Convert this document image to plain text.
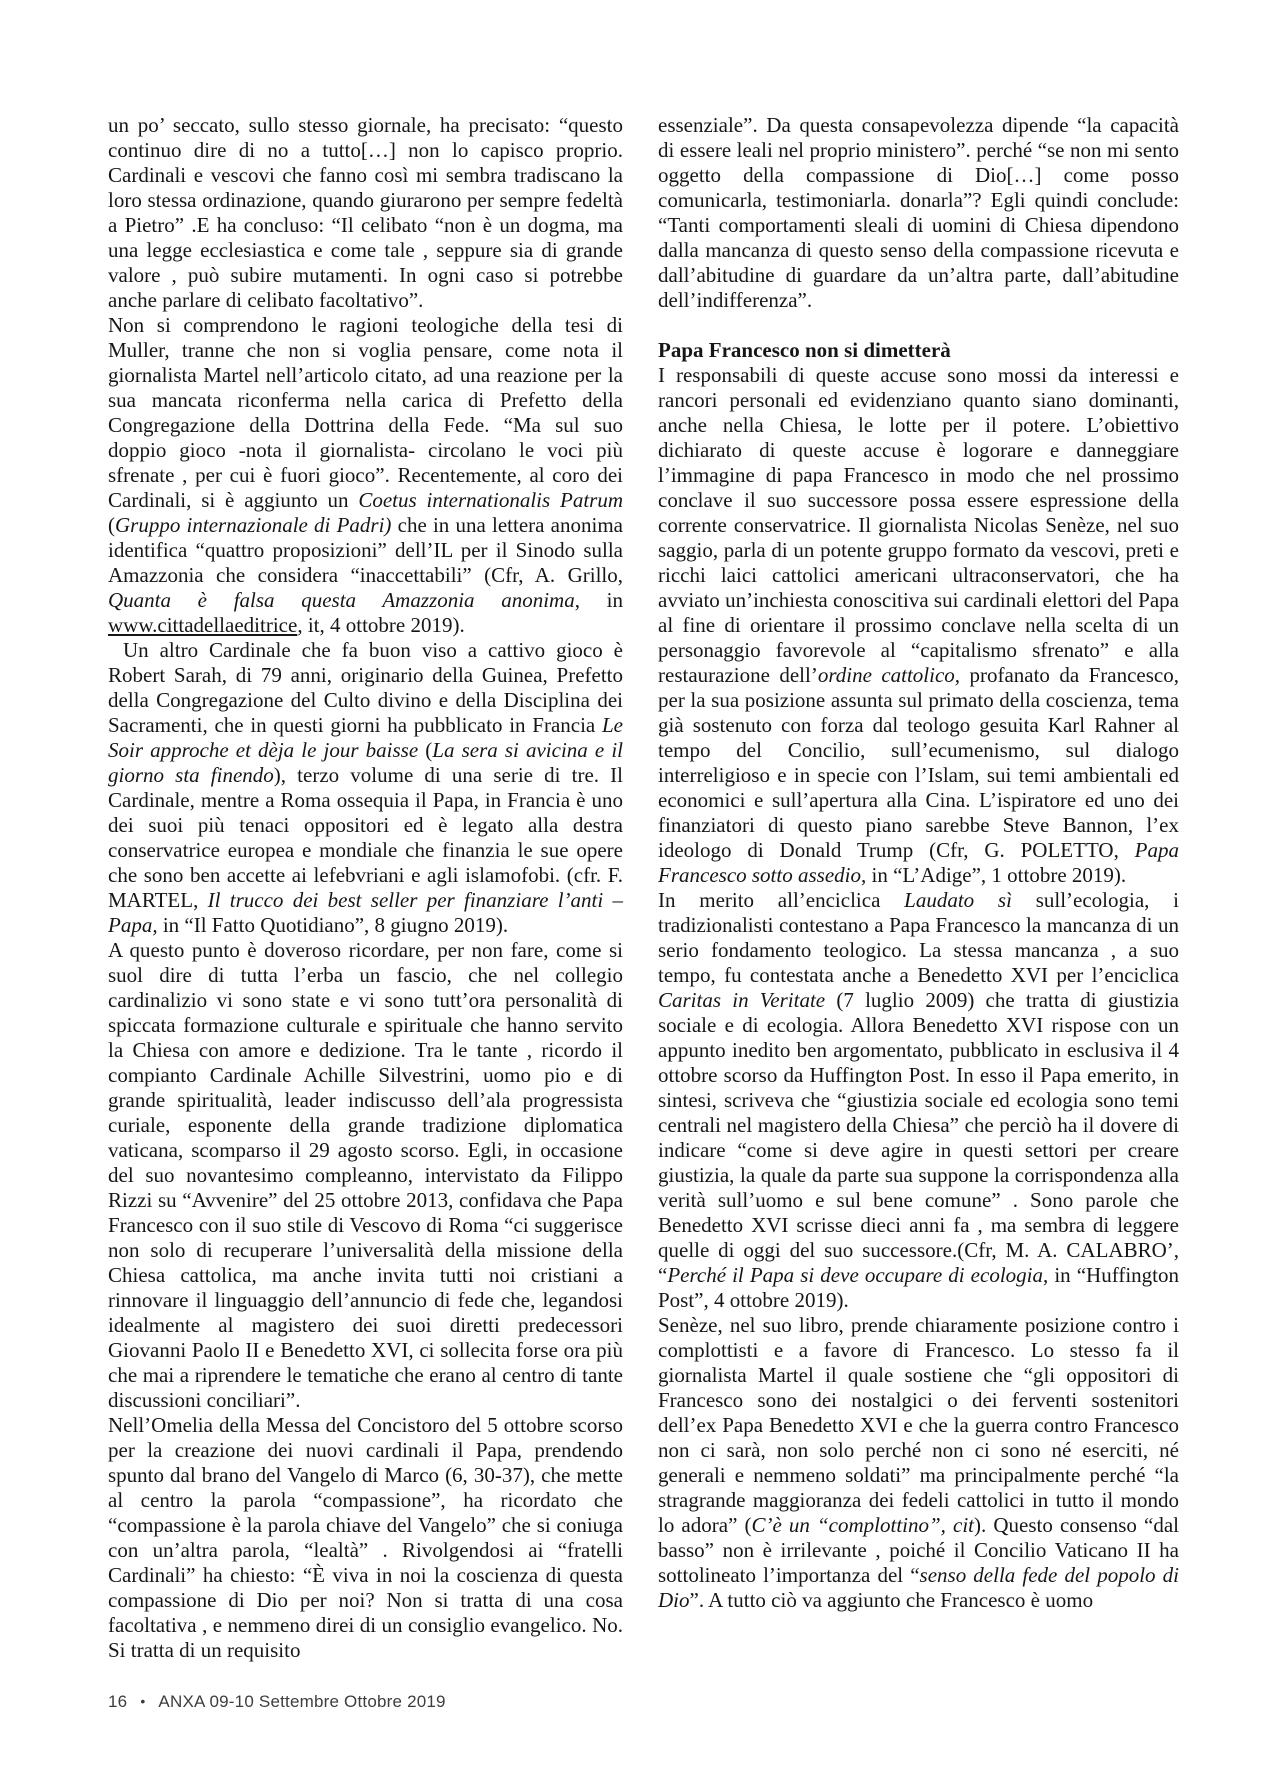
un po’ seccato, sullo stesso giornale, ha precisato: “questo continuo dire di no a tutto[…] non lo capisco proprio. Cardinali e vescovi che fanno così mi sembra tradiscano la loro stessa ordinazione, quando giurarono per sempre fedeltà a Pietro” .E ha concluso: “Il celibato “non è un dogma, ma una legge ecclesiastica e come tale , seppure sia di grande valore , può subire mutamenti. In ogni caso si potrebbe anche parlare di celibato facoltativo”.

Non si comprendono le ragioni teologiche della tesi di Muller, tranne che non si voglia pensare, come nota il giornalista Martel nell’articolo citato, ad una reazione per la sua mancata riconferma nella carica di Prefetto della Congregazione della Dottrina della Fede. “Ma sul suo doppio gioco -nota il giornalista- circolano le voci più sfrenate , per cui è fuori gioco”. Recentemente, al coro dei Cardinali, si è aggiunto un Coetus internationalis Patrum (Gruppo internazionale di Padri) che in una lettera anonima identifica “quattro proposizioni” dell’IL per il Sinodo sulla Amazzonia che considera “inaccettabili” (Cfr, A. Grillo, Quanta è falsa questa Amazzonia anonima, in www.cittadellaeditrice, it, 4 ottobre 2019).

Un altro Cardinale che fa buon viso a cattivo gioco è Robert Sarah, di 79 anni, originario della Guinea, Prefetto della Congregazione del Culto divino e della Disciplina dei Sacramenti, che in questi giorni ha pubblicato in Francia Le Soir approche et dèja le jour baisse (La sera si avicina e il giorno sta finendo), terzo volume di una serie di tre. Il Cardinale, mentre a Roma ossequia il Papa, in Francia è uno dei suoi più tenaci oppositori ed è legato alla destra conservatrice europea e mondiale che finanzia le sue opere che sono ben accette ai lefebvriani e agli islamofobi. (cfr. F. MARTEL, Il trucco dei best seller per finanziare l’anti – Papa, in “Il Fatto Quotidiano”, 8 giugno 2019).

A questo punto è doveroso ricordare, per non fare, come si suol dire di tutta l’erba un fascio, che nel collegio cardinalizio vi sono state e vi sono tutt’ora personalità di spiccata formazione culturale e spirituale che hanno servito la Chiesa con amore e dedizione. Tra le tante , ricordo il compianto Cardinale Achille Silvestrini, uomo pio e di grande spiritualità, leader indiscusso dell’ala progressista curiale, esponente della grande tradizione diplomatica vaticana, scomparso il 29 agosto scorso. Egli, in occasione del suo novantesimo compleanno, intervistato da Filippo Rizzi su “Avvenire” del 25 ottobre 2013, confidava che Papa Francesco con il suo stile di Vescovo di Roma “ci suggerisce non solo di recuperare l’universalità della missione della Chiesa cattolica, ma anche invita tutti noi cristiani a rinnovare il linguaggio dell’annuncio di fede che, legandosi idealmente al magistero dei suoi diretti predecessori Giovanni Paolo II e Benedetto XVI, ci sollecita forse ora più che mai a riprendere le tematiche che erano al centro di tante discussioni conciliari”.

Nell’Omelia della Messa del Concistoro del 5 ottobre scorso per la creazione dei nuovi cardinali il Papa, prendendo spunto dal brano del Vangelo di Marco (6, 30-37), che mette al centro la parola “compassione”, ha ricordato che “compassione è la parola chiave del Vangelo” che si coniuga con un’altra parola, “lealtà” . Rivolgendosi ai “fratelli Cardinali” ha chiesto: “È viva in noi la coscienza di questa compassione di Dio per noi? Non si tratta di una cosa facoltativa , e nemmeno direi di un consiglio evangelico. No. Si tratta di un requisito

essenziale”. Da questa consapevolezza dipende “la capacità di essere leali nel proprio ministero”. perché “se non mi sento oggetto della compassione di Dio[…] come posso comunicarla, testimoniarla. donarla”? Egli quindi conclude: “Tanti comportamenti sleali di uomini di Chiesa dipendono dalla mancanza di questo senso della compassione ricevuta e dall’abitudine di guardare da un’altra parte, dall’abitudine dell’indifferenza”.

Papa Francesco non si dimetterà

I responsabili di queste accuse sono mossi da interessi e rancori personali ed evidenziano quanto siano dominanti, anche nella Chiesa, le lotte per il potere. L’obiettivo dichiarato di queste accuse è logorare e danneggiare l’immagine di papa Francesco in modo che nel prossimo conclave il suo successore possa essere espressione della corrente conservatrice. Il giornalista Nicolas Senèze, nel suo saggio, parla di un potente gruppo formato da vescovi, preti e ricchi laici cattolici americani ultraconservatori, che ha avviato un’inchiesta conoscitiva sui cardinali elettori del Papa al fine di orientare il prossimo conclave nella scelta di un personaggio favorevole al “capitalismo sfrenato” e alla restaurazione dell’ordine cattolico, profanato da Francesco, per la sua posizione assunta sul primato della coscienza, tema già sostenuto con forza dal teologo gesuita Karl Rahner al tempo del Concilio, sull’ecumenismo, sul dialogo interreligioso e in specie con l’Islam, sui temi ambientali ed economici e sull’apertura alla Cina. L’ispiratore ed uno dei finanziatori di questo piano sarebbe Steve Bannon, l’ex ideologo di Donald Trump (Cfr, G. POLETTO, Papa Francesco sotto assedio, in “L’Adige”, 1 ottobre 2019).

In merito all’enciclica Laudato sì sull’ecologia, i tradizionalisti contestano a Papa Francesco la mancanza di un serio fondamento teologico. La stessa mancanza , a suo tempo, fu contestata anche a Benedetto XVI per l’enciclica Caritas in Veritate (7 luglio 2009) che tratta di giustizia sociale e di ecologia. Allora Benedetto XVI rispose con un appunto inedito ben argomentato, pubblicato in esclusiva il 4 ottobre scorso da Huffington Post. In esso il Papa emerito, in sintesi, scriveva che “giustizia sociale ed ecologia sono temi centrali nel magistero della Chiesa” che perciò ha il dovere di indicare “come si deve agire in questi settori per creare giustizia, la quale da parte sua suppone la corrispondenza alla verità sull’uomo e sul bene comune” . Sono parole che Benedetto XVI scrisse dieci anni fa , ma sembra di leggere quelle di oggi del suo successore.(Cfr, M. A. CALABRO’, “Perché il Papa si deve occupare di ecologia, in “Huffington Post”, 4 ottobre 2019).

Senèze, nel suo libro, prende chiaramente posizione contro i complottisti e a favore di Francesco. Lo stesso fa il giornalista Martel il quale sostiene che “gli oppositori di Francesco sono dei nostalgici o dei ferventi sostenitori dell’ex Papa Benedetto XVI e che la guerra contro Francesco non ci sarà, non solo perché non ci sono né eserciti, né generali e nemmeno soldati” ma principalmente perché “la stragrande maggioranza dei fedeli cattolici in tutto il mondo lo adora” (C’è un “complottino”, cit). Questo consenso “dal basso” non è irrilevante , poiché il Concilio Vaticano II ha sottolineato l’importanza del “senso della fede del popolo di Dio”. A tutto ciò va aggiunto che Francesco è uomo

16 • ANXA 09-10 Settembre Ottobre 2019
